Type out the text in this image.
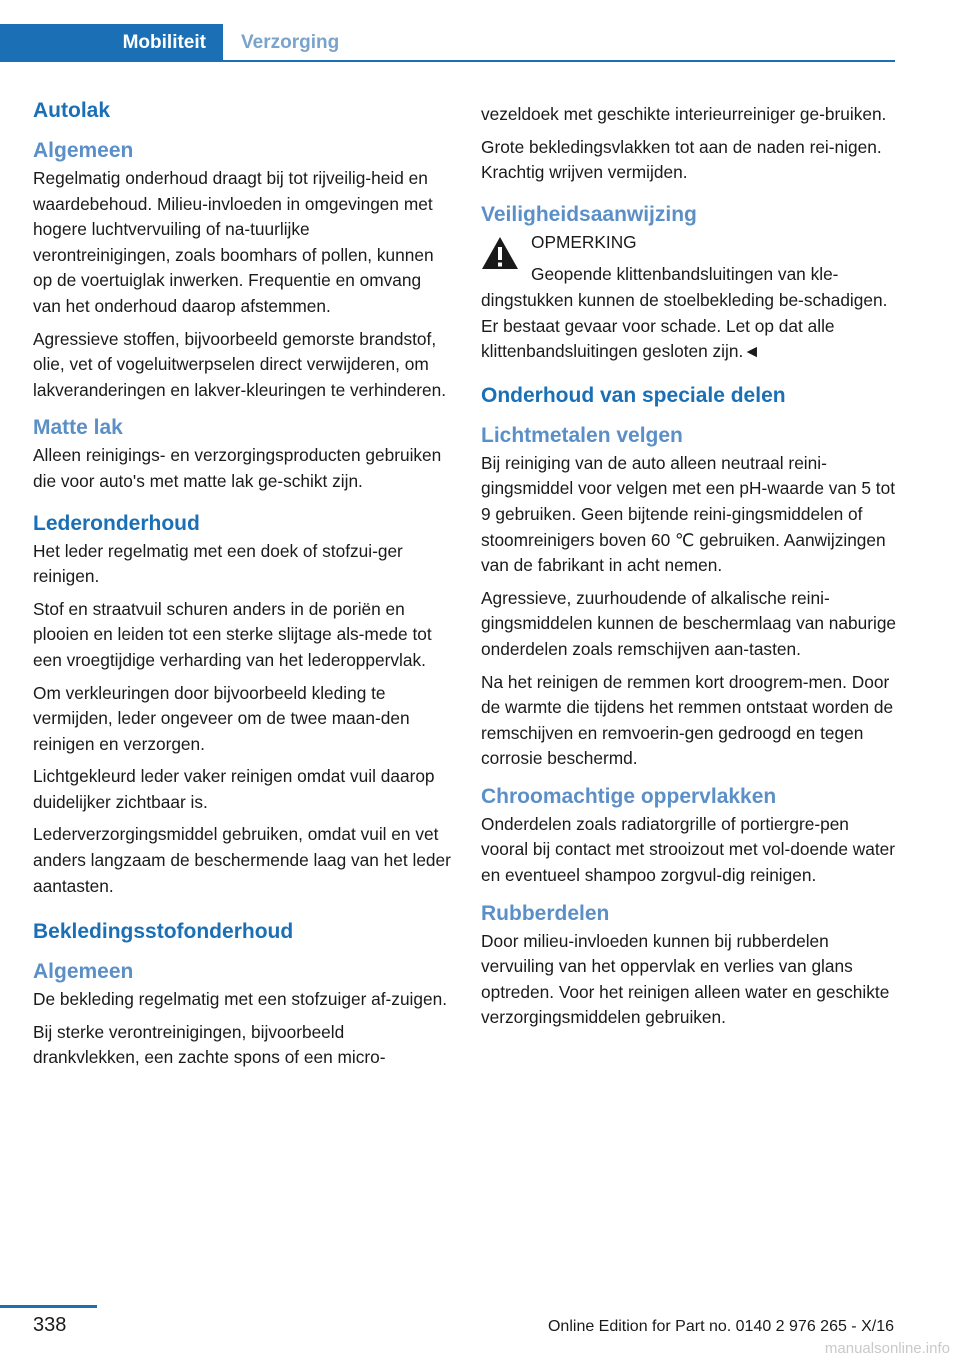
Mobiliteit	Verzorging
Autolak
Algemeen

Regelmatig onderhoud draagt bij tot rijveilig-heid en waardebehoud. Milieu-invloeden in omgevingen met hogere luchtvervuiling of na-tuurlijke verontreinigingen, zoals boomhars of pollen, kunnen op de voertuiglak inwerken. Frequentie en omvang van het onderhoud daarop afstemmen.

Agressieve stoffen, bijvoorbeeld gemorste brandstof, olie, vet of vogeluitwerpselen direct verwijderen, om lakveranderingen en lakver-kleuringen te verhinderen.

Matte lak

Alleen reinigings- en verzorgingsproducten gebruiken die voor auto's met matte lak ge-schikt zijn.

Lederonderhoud

Het leder regelmatig met een doek of stofzui-ger reinigen.

Stof en straatvuil schuren anders in de poriën en plooien en leiden tot een sterke slijtage als-mede tot een vroegtijdige verharding van het lederoppervlak.

Om verkleuringen door bijvoorbeeld kleding te vermijden, leder ongeveer om de twee maan-den reinigen en verzorgen.

Lichtgekleurd leder vaker reinigen omdat vuil daarop duidelijker zichtbaar is.

Lederverzorgingsmiddel gebruiken, omdat vuil en vet anders langzaam de beschermende laag van het leder aantasten.

Bekledingsstofonderhoud
Algemeen

De bekleding regelmatig met een stofzuiger af-zuigen.

Bij sterke verontreinigingen, bijvoorbeeld drankvlekken, een zachte spons of een micro-

vezeldoek met geschikte interieurreiniger ge-bruiken.

Grote bekledingsvlakken tot aan de naden rei-nigen. Krachtig wrijven vermijden.

Veiligheidsaanwijzing

OPMERKING

Geopende klittenbandsluitingen van kle-dingstukken kunnen de stoelbekleding be-schadigen. Er bestaat gevaar voor schade. Let op dat alle klittenbandsluitingen gesloten zijn.◄

Onderhoud van speciale delen
Lichtmetalen velgen

Bij reiniging van de auto alleen neutraal reini-gingsmiddel voor velgen met een pH-waarde van 5 tot 9 gebruiken. Geen bijtende reini-gingsmiddelen of stoomreinigers boven 60 ℃ gebruiken. Aanwijzingen van de fabrikant in acht nemen.

Agressieve, zuurhoudende of alkalische reini-gingsmiddelen kunnen de beschermlaag van naburige onderdelen zoals remschijven aan-tasten.

Na het reinigen de remmen kort droogrem-men. Door de warmte die tijdens het remmen ontstaat worden de remschijven en remvoerin-gen gedroogd en tegen corrosie beschermd.

Chroomachtige oppervlakken

Onderdelen zoals radiatorgrille of portiergre-pen vooral bij contact met strooizout met vol-doende water en eventueel shampoo zorgvul-dig reinigen.

Rubberdelen

Door milieu-invloeden kunnen bij rubberdelen vervuiling van het oppervlak en verlies van glans optreden. Voor het reinigen alleen water en geschikte verzorgingsmiddelen gebruiken.

338	Online Edition for Part no. 0140 2 976 265 - X/16
manualsonline.info
